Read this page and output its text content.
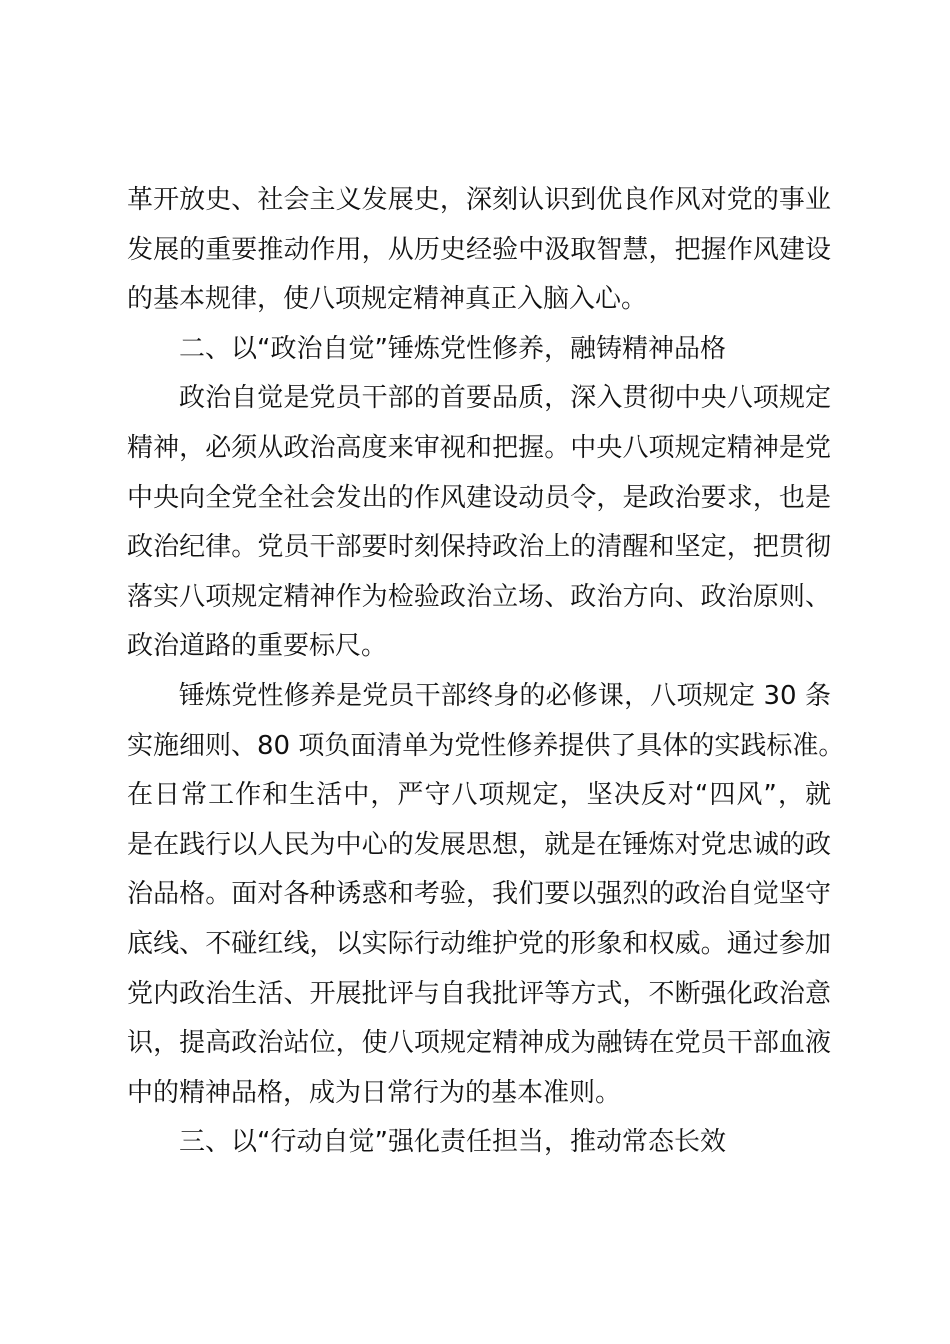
革开放史、社会主义发展史，深刻认识到优良作风对党的事业
发展的重要推动作用，从历史经验中汲取智慧，把握作风建设
的基本规律，使八项规定精神真正入脑入心。
二、以“政治自觉”锤炼党性修养，融铸精神品格
政治自觉是党员干部的首要品质，深入贯彻中央八项规定
精神，必须从政治高度来审视和把握。中央八项规定精神是党
中央向全党全社会发出的作风建设动员令，是政治要求，也是
政治纪律。党员干部要时刻保持政治上的清醒和坚定，把贯彻
落实八项规定精神作为检验政治立场、政治方向、政治原则、
政治道路的重要标尺。
锤炼党性修养是党员干部终身的必修课，八项规定 30 条
实施细则、80 项负面清单为党性修养提供了具体的实践标准。
在日常工作和生活中，严守八项规定，坚决反对“四风”，就
是在践行以人民为中心的发展思想，就是在锤炼对党忠诚的政
治品格。面对各种诱惑和考验，我们要以强烈的政治自觉坚守
底线、不碰红线，以实际行动维护党的形象和权威。通过参加
党内政治生活、开展批评与自我批评等方式，不断强化政治意
识，提高政治站位，使八项规定精神成为融铸在党员干部血液
中的精神品格，成为日常行为的基本准则。
三、以“行动自觉”强化责任担当，推动常态长效
